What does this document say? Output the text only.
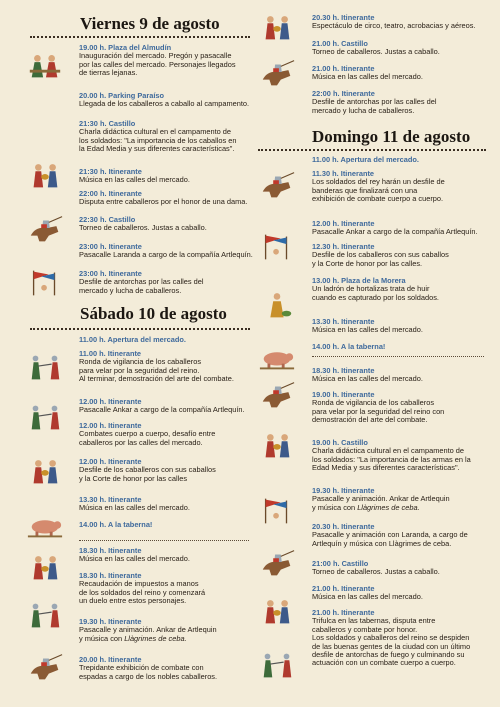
Viernes 9 de agosto
19.00 h. Plaza del Almudín
Inauguración del mercado. Pregón y pasacalle
por las calles del mercado. Personajes llegados
de tierras lejanas.
20.00 h. Parking Paraíso
Llegada de los caballeros a caballo al campamento.
21:30 h. Castillo
Charla didáctica cultural en el campamento de
los soldados: "La importancia de los caballos en
la Edad Media y sus diferentes características".
21:30 h. Itinerante
Música en las calles del mercado.
22:00 h. Itinerante
Disputa entre caballeros por el honor de una dama.
22:30 h. Castillo
Torneo de caballeros. Justas a caballo.
23:00 h. Itinerante
Pasacalle Laranda a cargo de la compañía Artlequín.
23:00 h. Itinerante
Desfile de antorchas por las calles del
mercado y lucha de caballeros.
Sábado 10 de agosto
11.00 h. Apertura del mercado.
11.00 h. Itinerante
Ronda de vigilancia de los caballeros
para velar por la seguridad del reino.
Al terminar, demostración del arte del combate.
12.00 h. Itinerante
Pasacalle Ankar a cargo de la compañía Artlequín.
12.00 h. Itinerante
Combates cuerpo a cuerpo, desafío entre
caballeros por las calles del mercado.
12.00 h. Itinerante
Desfile de los caballeros con sus caballos
y la Corte de honor por las calles
13.30 h. Itinerante
Música en las calles del mercado.
14.00 h. A la taberna!
18.30 h. Itinerante
Música en las calles del mercado.
18.30 h. Itinerante
Recaudación de impuestos a manos
de los soldados del reino y comenzará
un duelo entre estos personajes.
19.30 h. Itinerante
Pasacalle y animación. Ankar de Artlequin
y música con Llàgrimes de ceba.
20.00 h. Itinerante
Trepidante exhibición de combate con
espadas a cargo de los nobles caballeros.
20.30 h. Itinerante
Espectáculo de circo, teatro, acrobacias y aéreos.
21.00 h. Castillo
Torneo de caballeros. Justas a caballo.
21.00 h. Itinerante
Música en las calles del mercado.
22:00 h. Itinerante
Desfile de antorchas por las calles del
mercado y lucha de caballeros.
Domingo 11 de agosto
11.00 h. Apertura del mercado.
11.30 h. Itinerante
Los soldados del rey harán un desfile de
banderas que finalizará con una
exhibición de combate cuerpo a cuerpo.
12.00 h. Itinerante
Pasacalle Ankar a cargo de la compañía Artlequín.
12.30 h. Itinerante
Desfile de los caballeros con sus caballos
y la Corte de honor por las calles.
13.00 h. Plaza de la Morera
Un ladrón de hortalizas trata de huir
cuando es capturado por los soldados.
13.30 h. Itinerante
Música en las calles del mercado.
14.00 h. A la taberna!
18.30 h. Itinerante
Música en las calles del mercado.
19.00 h. Itinerante
Ronda de vigilancia de los caballeros
para velar por la seguridad del reino con
demostración del arte del combate.
19.00 h. Castillo
Charla didáctica cultural en el campamento de
los soldados: "La importancia de las armas en la
Edad Media y sus diferentes características".
19.30 h. Itinerante
Pasacalle y animación. Ankar de Artlequin
y música con Llàgrimes de ceba.
20.30 h. Itinerante
Pasacalle y animación con Laranda, a cargo de
Artlequín y música con Llàgrimes de ceba.
21:00 h. Castillo
Torneo de caballeros. Justas a caballo.
21.00 h. Itinerante
Música en las calles del mercado.
21.00 h. Itinerante
Trifulca en las tabernas, disputa entre
caballeros y combate por honor.
Los soldados y caballeros del reino se despiden
de las buenas gentes de la ciudad con un último
desfile de antorchas de fuego y culminando su
actuación con un combate cuerpo a cuerpo.
